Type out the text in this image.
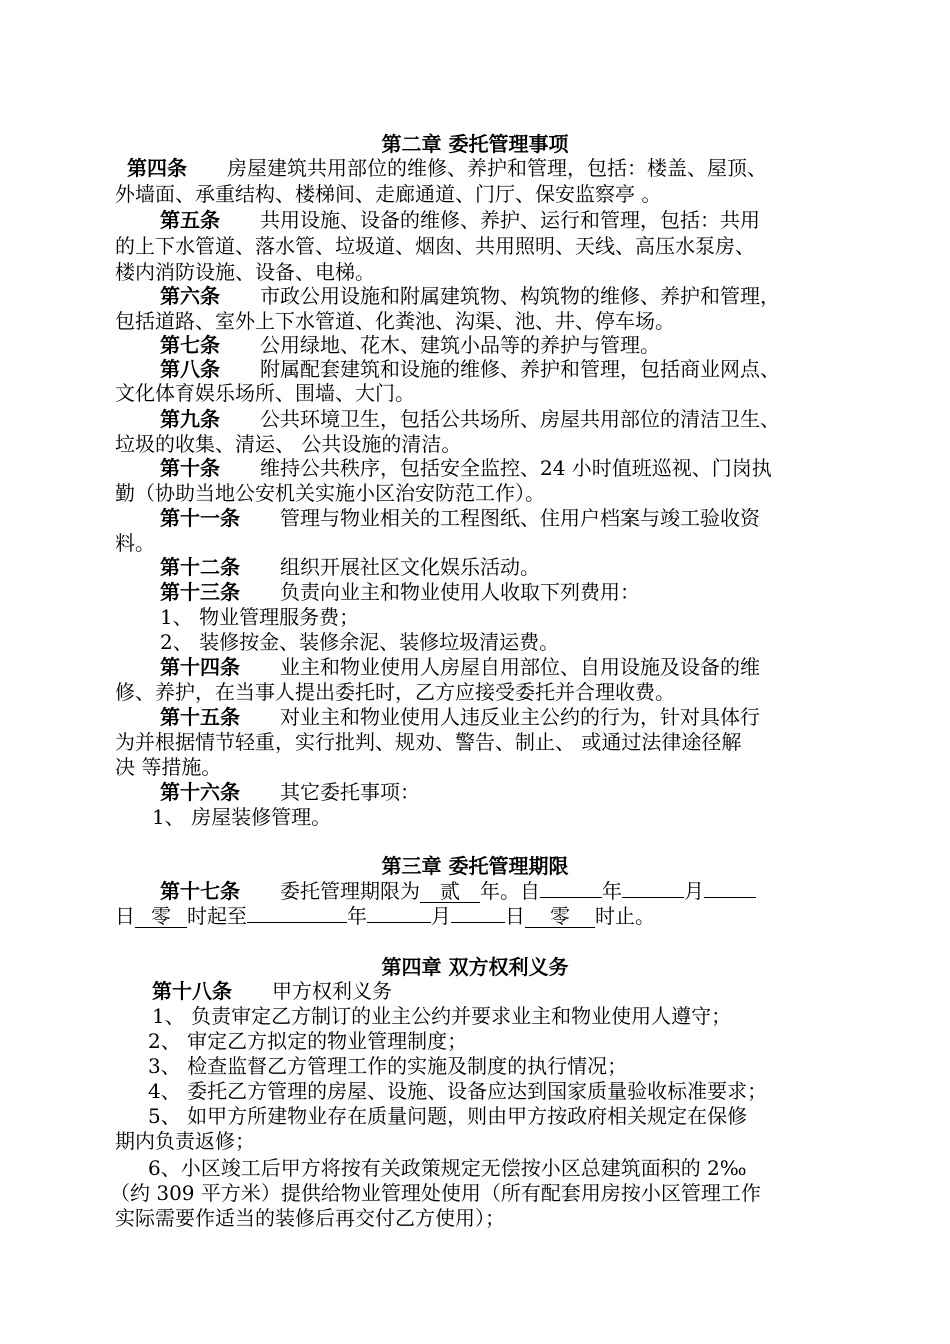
第二章 委托管理事项
第四条 房屋建筑共用部位的维修、养护和管理，包括：楼盖、屋顶、
外墙面、承重结构、楼梯间、走廊通道、门厅、保安监察亭 。
第五条 共用设施、设备的维修、养护、运行和管理，包括：共用
的上下水管道、落水管、垃圾道、烟囱、共用照明、天线、高压水泵房、
楼内消防设施、设备、电梯。
第六条 市政公用设施和附属建筑物、构筑物的维修、养护和管理，
包括道路、室外上下水管道、化粪池、沟渠、池、井、停车场。
第七条 公用绿地、花木、建筑小品等的养护与管理。
第八条 附属配套建筑和设施的维修、养护和管理，包括商业网点、
文化体育娱乐场所、围墙、大门。
第九条 公共环境卫生，包括公共场所、房屋共用部位的清洁卫生、
垃圾的收集、清运、 公共设施的清洁。
第十条 维持公共秩序，包括安全监控、24 小时值班巡视、门岗执
勤（协助当地公安机关实施小区治安防范工作）。
第十一条 管理与物业相关的工程图纸、住用户档案与竣工验收资
料。
第十二条 组织开展社区文化娱乐活动。
第十三条 负责向业主和物业使用人收取下列费用：
1、 物业管理服务费；
2、 装修按金、装修余泥、装修垃圾清运费。
第十四条 业主和物业使用人房屋自用部位、自用设施及设备的维
修、养护，在当事人提出委托时，乙方应接受委托并合理收费。
第十五条 对业主和物业使用人违反业主公约的行为，针对具体行
为并根据情节轻重，实行批判、规劝、警告、制止、 或通过法律途径解
决 等措施。
第十六条 其它委托事项：
1、 房屋装修管理。
第三章 委托管理期限
第十七条 委托管理期限为 贰 年。自	年	月
日 零 时起至	年	月	日 零 时止。
第四章 双方权利义务
第十八条 甲方权利义务
1、 负责审定乙方制订的业主公约并要求业主和物业使用人遵守；
2、 审定乙方拟定的物业管理制度；
3、 检查监督乙方管理工作的实施及制度的执行情况；
4、 委托乙方管理的房屋、设施、设备应达到国家质量验收标准要求；
5、 如甲方所建物业存在质量问题，则由甲方按政府相关规定在保修
期内负责返修；
6、小区竣工后甲方将按有关政策规定无偿按小区总建筑面积的 2‰
（约 309 平方米）提供给物业管理处使用（所有配套用房按小区管理工作
实际需要作适当的装修后再交付乙方使用）；
